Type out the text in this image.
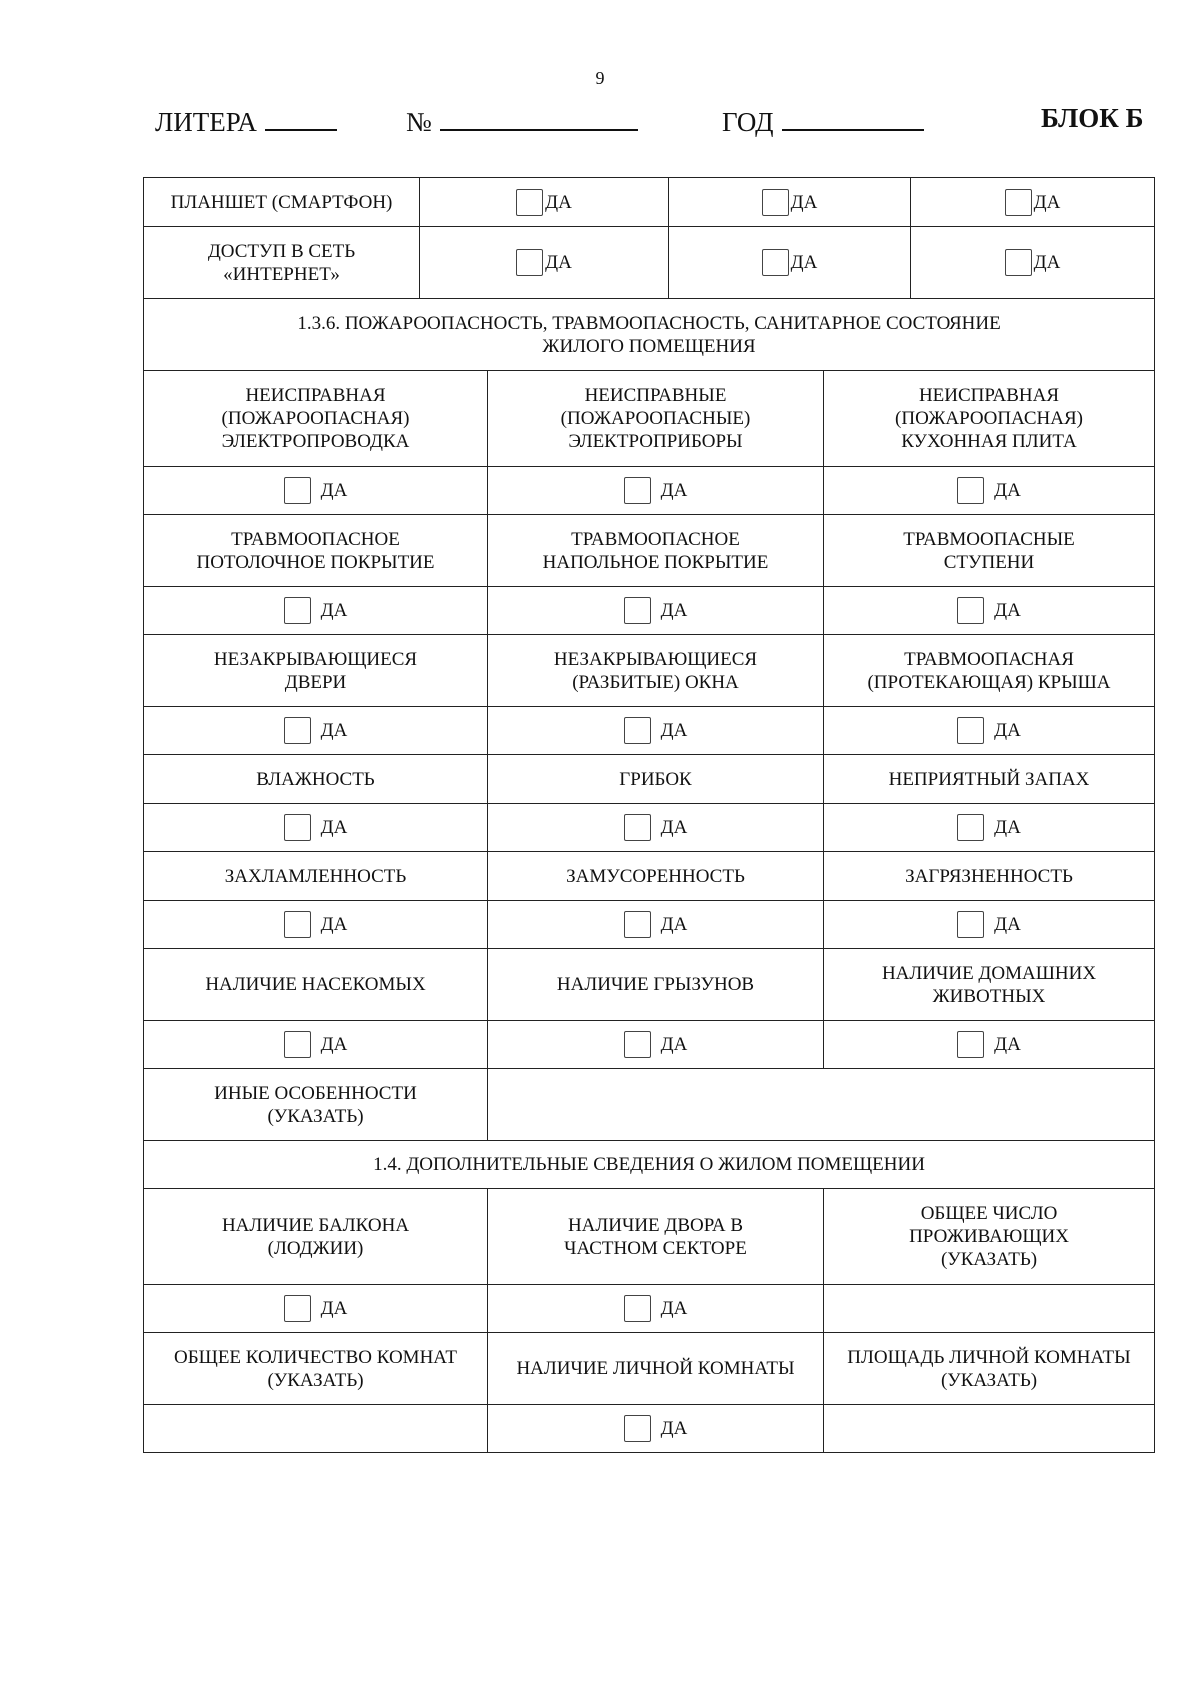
9
ЛИТЕРА	№	ГОД	БЛОК Б
ПЛАНШЕТ (СМАРТФОН)	ДА	ДА	ДА
ДОСТУП В СЕТЬ «ИНТЕРНЕТ»	ДА	ДА	ДА
1.3.6. ПОЖАРООПАСНОСТЬ, ТРАВМООПАСНОСТЬ, САНИТАРНОЕ СОСТОЯНИЕ ЖИЛОГО ПОМЕЩЕНИЯ		
НЕИСПРАВНАЯ (ПОЖАРООПАСНАЯ) ЭЛЕКТРОПРОВОДКА	НЕИСПРАВНЫЕ (ПОЖАРООПАСНЫЕ) ЭЛЕКТРОПРИБОРЫ	НЕИСПРАВНАЯ (ПОЖАРООПАСНАЯ) КУХОННАЯ ПЛИТА
ДА	ДА	ДА
ТРАВМООПАСНОЕ ПОТОЛОЧНОЕ ПОКРЫТИЕ	ТРАВМООПАСНОЕ НАПОЛЬНОЕ ПОКРЫТИЕ	ТРАВМООПАСНЫЕ СТУПЕНИ
ДА	ДА	ДА
НЕЗАКРЫВАЮЩИЕСЯ ДВЕРИ	НЕЗАКРЫВАЮЩИЕСЯ (РАЗБИТЫЕ) ОКНА	ТРАВМООПАСНАЯ (ПРОТЕКАЮЩАЯ) КРЫША
ДА	ДА	ДА
ВЛАЖНОСТЬ	ГРИБОК	НЕПРИЯТНЫЙ ЗАПАХ
ДА	ДА	ДА
ЗАХЛАМЛЕННОСТЬ	ЗАМУСОРЕННОСТЬ	ЗАГРЯЗНЕННОСТЬ
ДА	ДА	ДА
НАЛИЧИЕ НАСЕКОМЫХ	НАЛИЧИЕ ГРЫЗУНОВ	НАЛИЧИЕ ДОМАШНИХ ЖИВОТНЫХ
ДА	ДА	ДА
ИНЫЕ ОСОБЕННОСТИ (УКАЗАТЬ)		
1.4. ДОПОЛНИТЕЛЬНЫЕ СВЕДЕНИЯ О ЖИЛОМ ПОМЕЩЕНИИ		
НАЛИЧИЕ БАЛКОНА (ЛОДЖИИ)	НАЛИЧИЕ ДВОРА В ЧАСТНОМ СЕКТОРЕ	ОБЩЕЕ ЧИСЛО ПРОЖИВАЮЩИХ (УКАЗАТЬ)
ДА	ДА	
ОБЩЕЕ КОЛИЧЕСТВО КОМНАТ (УКАЗАТЬ)	НАЛИЧИЕ ЛИЧНОЙ КОМНАТЫ	ПЛОЩАДЬ ЛИЧНОЙ КОМНАТЫ (УКАЗАТЬ)
	ДА	
